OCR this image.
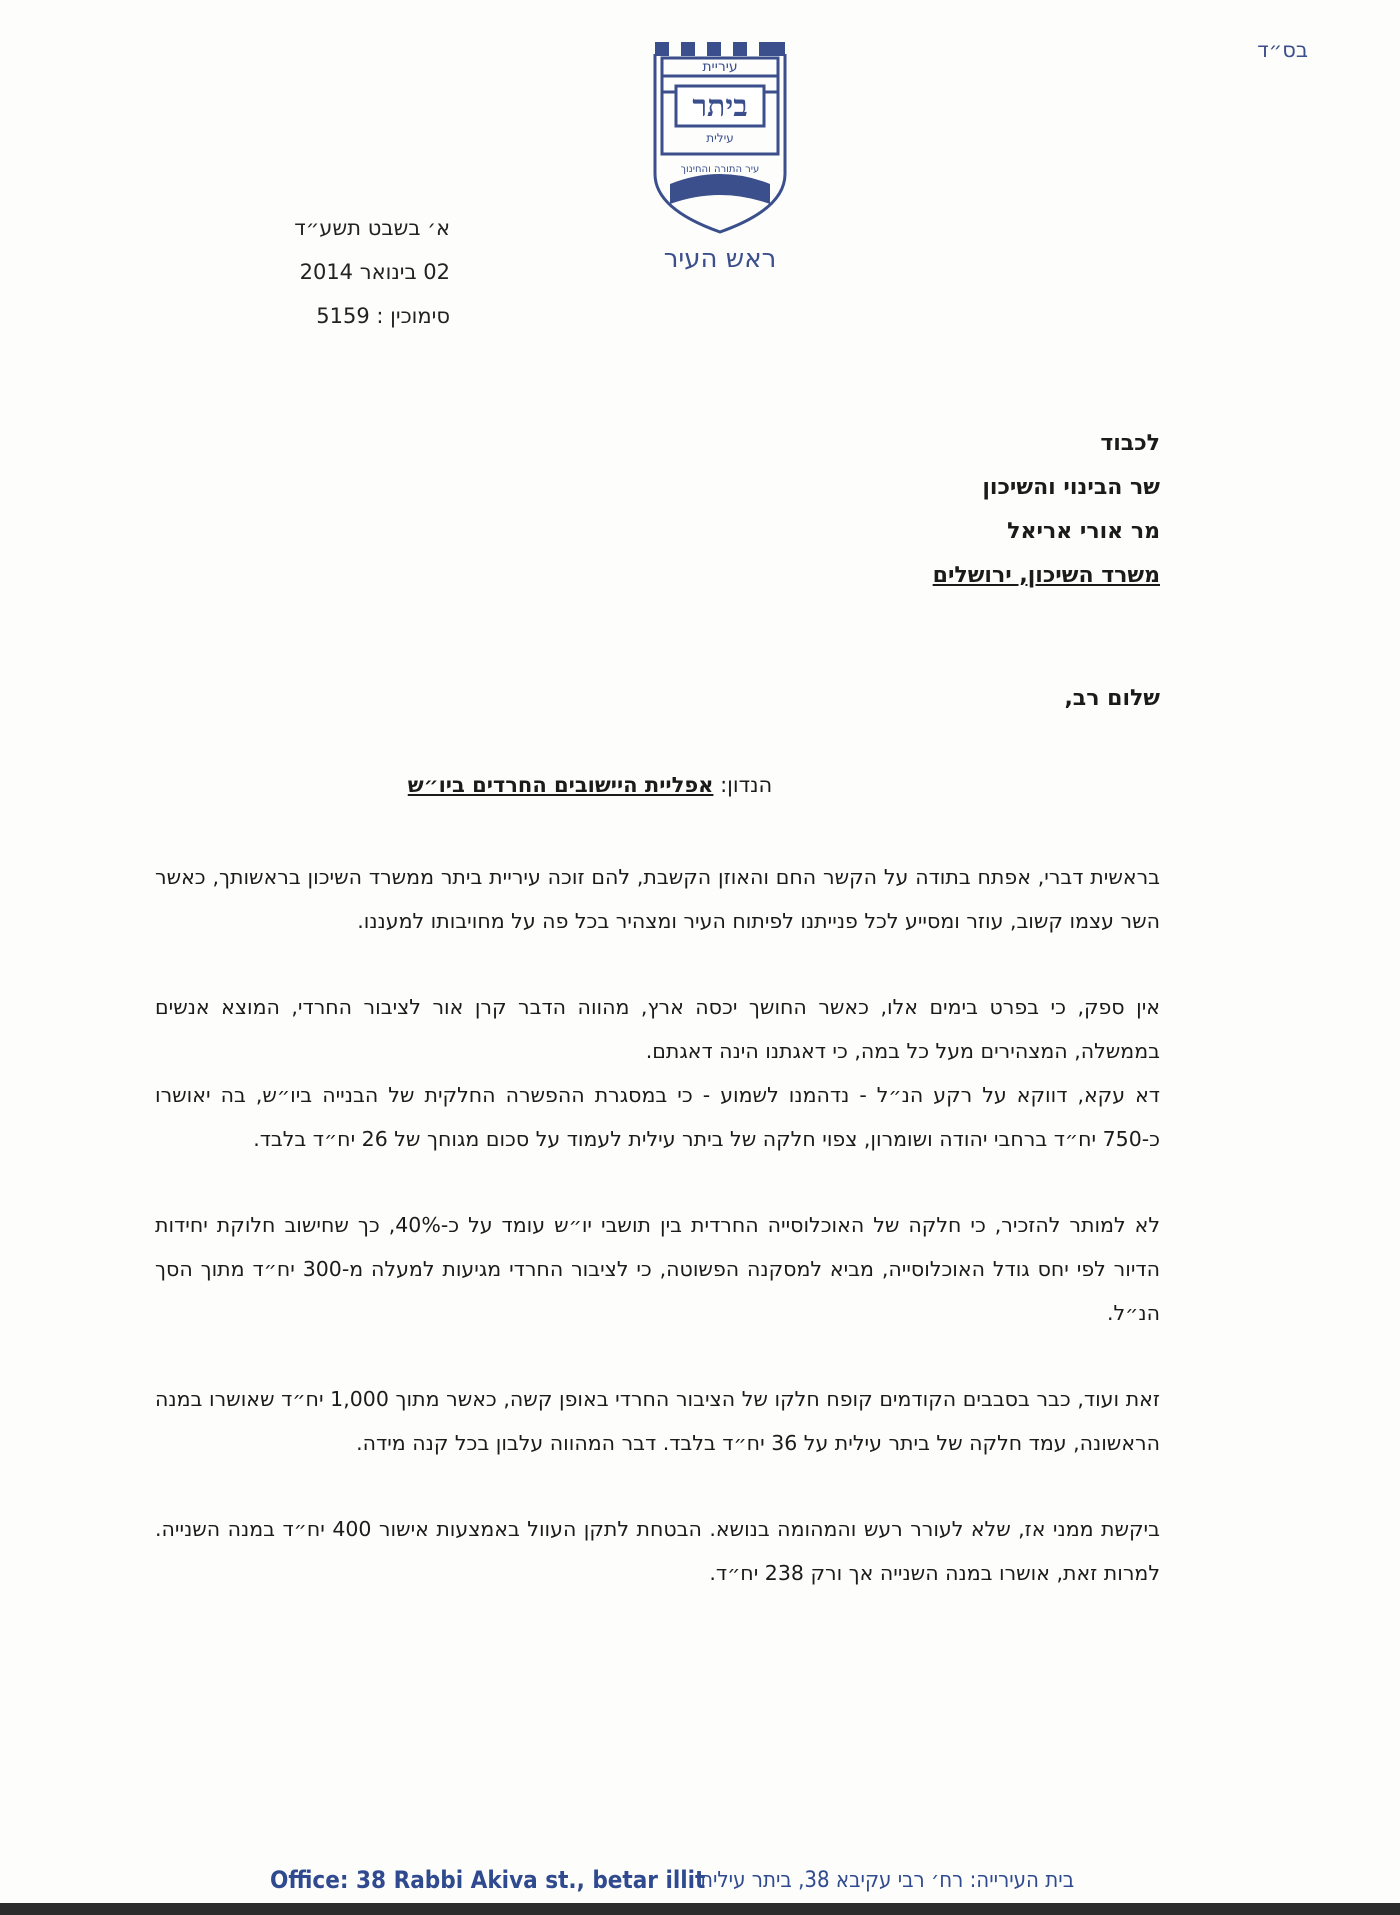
בס״ד
עיריית
ביתר
עילית
עיר התורה והחינוך
ראש העיר
א׳ בשבט תשע״ד
02 בינואר 2014
סימוכין : 5159
לכבוד
שר הבינוי והשיכון
מר אורי אריאל
משרד השיכון, ירושלים
שלום רב,
הנדון: אפליית היישובים החרדים ביו״ש

בראשית דברי, אפתח בתודה על הקשר החם והאוזן הקשבת, להם זוכה עיריית ביתר ממשרד השיכון בראשותך, כאשר השר עצמו קשוב, עוזר ומסייע לכל פנייתנו לפיתוח העיר ומצהיר בכל פה על מחויבותו למעננו.

אין ספק, כי בפרט בימים אלו, כאשר החושך יכסה ארץ, מהווה הדבר קרן אור לציבור החרדי, המוצא אנשים בממשלה, המצהירים מעל כל במה, כי דאגתנו הינה דאגתם.

דא עקא, דווקא על רקע הנ״ל - נדהמנו לשמוע - כי במסגרת ההפשרה החלקית של הבנייה ביו״ש, בה יאושרו כ-750 יח״ד ברחבי יהודה ושומרון, צפוי חלקה של ביתר עילית לעמוד על סכום מגוחך של 26 יח״ד בלבד.

לא למותר להזכיר, כי חלקה של האוכלוסייה החרדית בין תושבי יו״ש עומד על כ-40%, כך שחישוב חלוקת יחידות הדיור לפי יחס גודל האוכלוסייה, מביא למסקנה הפשוטה, כי לציבור החרדי מגיעות למעלה מ-300 יח״ד מתוך הסך הנ״ל.

זאת ועוד, כבר בסבבים הקודמים קופח חלקו של הציבור החרדי באופן קשה, כאשר מתוך 1,000 יח״ד שאושרו במנה הראשונה, עמד חלקה של ביתר עילית על 36 יח״ד בלבד. דבר המהווה עלבון בכל קנה מידה.

ביקשת ממני אז, שלא לעורר רעש והמהומה בנושא. הבטחת לתקן העוול באמצעות אישור 400 יח״ד במנה השנייה. למרות זאת, אושרו במנה השנייה אך ורק 238 יח״ד.

Office: 38 Rabbi Akiva st., betar illit
בית העירייה: רח׳ רבי עקיבא 38, ביתר עילית
